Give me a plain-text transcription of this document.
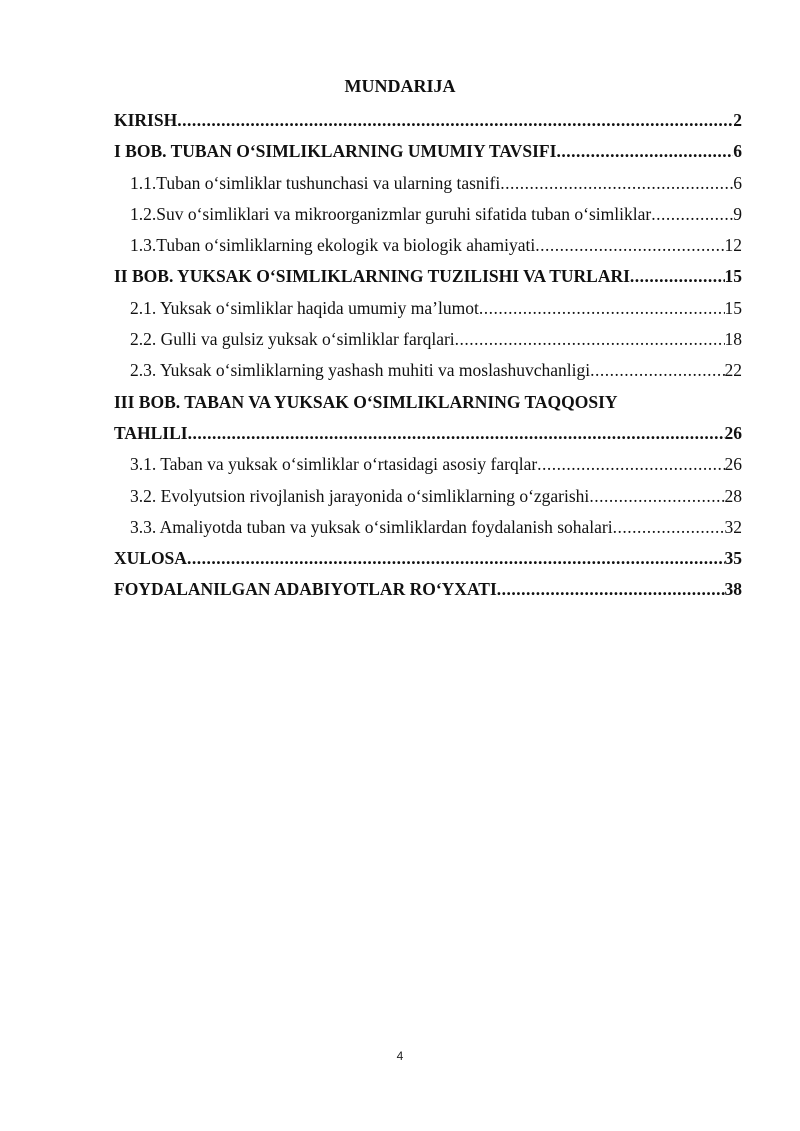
MUNDARIJA
KIRISH .....	2
I BOB. TUBAN O‘SIMLIKLARNING UMUMIY TAVSIFI .....	6
1.1. Tuban o‘simliklar tushunchasi va ularning tasnifi .....	6
1.2. Suv o‘simliklari va mikroorganizmlar guruhi sifatida tuban o‘simliklar .....	9
1.3. Tuban o‘simliklarning ekologik va biologik ahamiyati .....	12
II BOB. YUKSAK O‘SIMLIKLARNING TUZILISHI VA TURLARI .....	15
2.1. Yuksak o‘simliklar haqida umumiy ma’lumot .....	15
2.2. Gulli va gulsiz yuksak o‘simliklar farqlari .....	18
2.3. Yuksak o‘simliklarning yashash muhiti va moslashuvchanligi .....	22
III BOB. TABAN VA YUKSAK O‘SIMLIKLARNING TAQQOSIY
TAHLILI .....	26
3.1. Taban va yuksak o‘simliklar o‘rtasidagi asosiy farqlar .....	26
3.2. Evolyutsion rivojlanish jarayonida o‘simliklarning o‘zgarishi .....	28
3.3. Amaliyotda tuban va yuksak o‘simliklardan foydalanish sohalari .....	32
XULOSA .....	35
FOYDALANILGAN ADABIYOTLAR RO‘YXATI .....	38
4
